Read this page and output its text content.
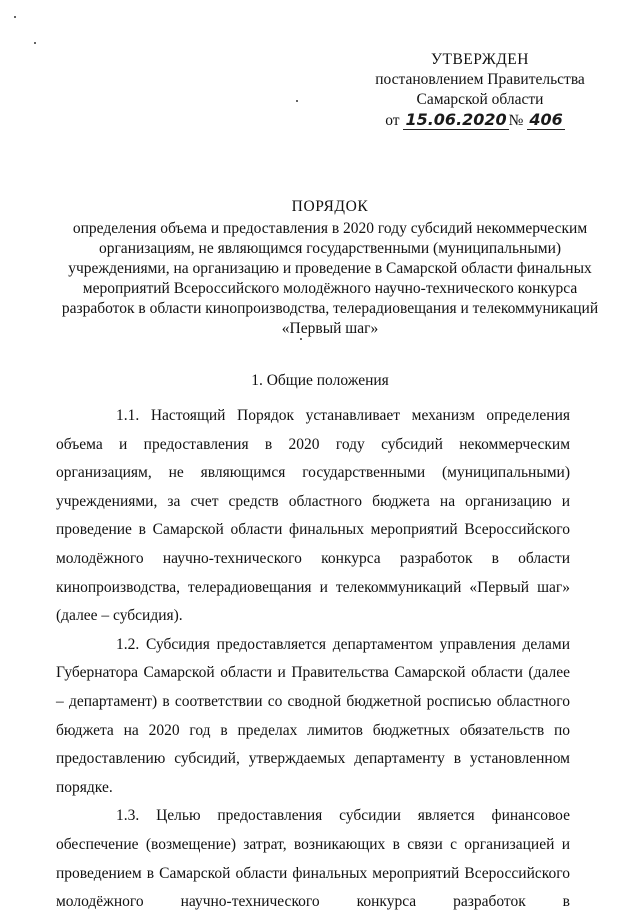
УТВЕРЖДЕН
постановлением Правительства
Самарской области
от 15.06.2020 № 406
ПОРЯДОК
определения объема и предоставления в 2020 году субсидий некоммерческим организациям, не являющимся государственными (муниципальными) учреждениями, на организацию и проведение в Самарской области финальных мероприятий Всероссийского молодёжного научно-технического конкурса разработок в области кинопроизводства, телерадиовещания и телекоммуникаций «Первый шаг»
1. Общие положения

1.1. Настоящий Порядок устанавливает механизм определения объема и предоставления в 2020 году субсидий некоммерческим организациям, не являющимся государственными (муниципальными) учреждениями, за счет средств областного бюджета на организацию и проведение в Самарской области финальных мероприятий Всероссийского молодёжного научно-технического конкурса разработок в области кинопроизводства, телерадиовещания и телекоммуникаций «Первый шаг» (далее – субсидия).

1.2. Субсидия предоставляется департаментом управления делами Губернатора Самарской области и Правительства Самарской области (далее – департамент) в соответствии со сводной бюджетной росписью областного бюджета на 2020 год в пределах лимитов бюджетных обязательств по предоставлению субсидий, утверждаемых департаменту в установленном порядке.

1.3. Целью предоставления субсидии является финансовое обеспечение (возмещение) затрат, возникающих в связи с организацией и проведением в Самарской области финальных мероприятий Всероссийского молодёжного научно-технического конкурса разработок в
